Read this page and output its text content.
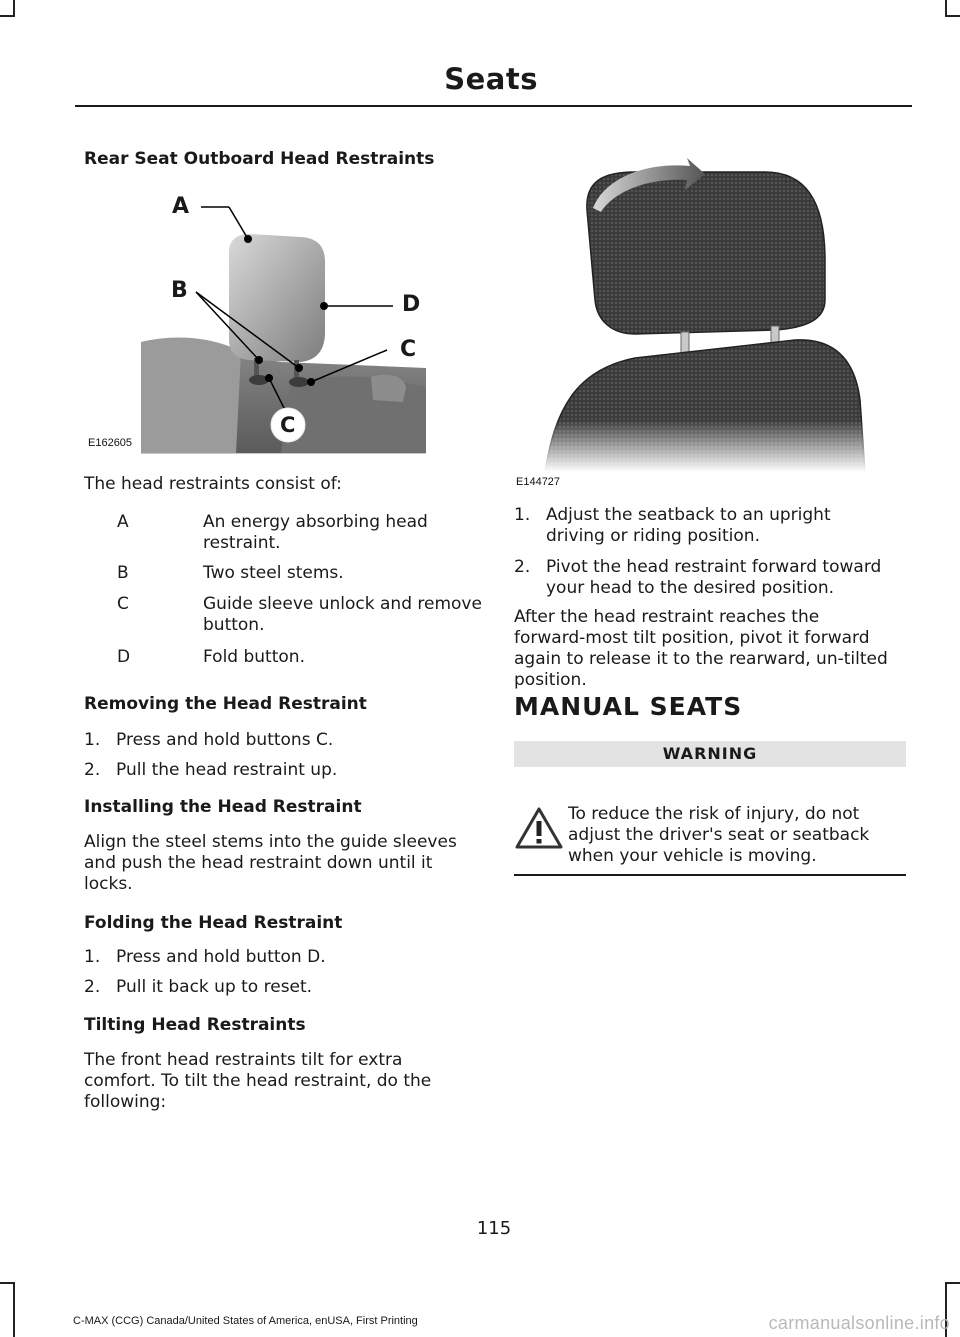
Seats
Rear Seat Outboard Head Restraints
A
B
D
C
C
E162605

The head restraints consist of:

A	An energy absorbing head
restraint.
B	Two steel stems.
C	Guide sleeve unlock and remove
button.
D	Fold button.
Removing the Head Restraint
1. Press and hold buttons C.
2. Pull the head restraint up.
Installing the Head Restraint

Align the steel stems into the guide sleeves

and push the head restraint down until it

locks.

Folding the Head Restraint
1. Press and hold button D.
2. Pull it back up to reset.
Tilting Head Restraints

The front head restraints tilt for extra

comfort. To tilt the head restraint, do the

following:

E144727
1. Adjust the seatback to an upright
driving or riding position.
2. Pivot the head restraint forward toward
your head to the desired position.

After the head restraint reaches the

forward-most tilt position, pivot it forward

again to release it to the rearward, un-tilted

position.

MANUAL SEATS
WARNING

To reduce the risk of injury, do not

adjust the driver's seat or seatback

when your vehicle is moving.

115
C-MAX (CCG) Canada/United States of America, enUSA, First Printing	carmanualsonline.info
